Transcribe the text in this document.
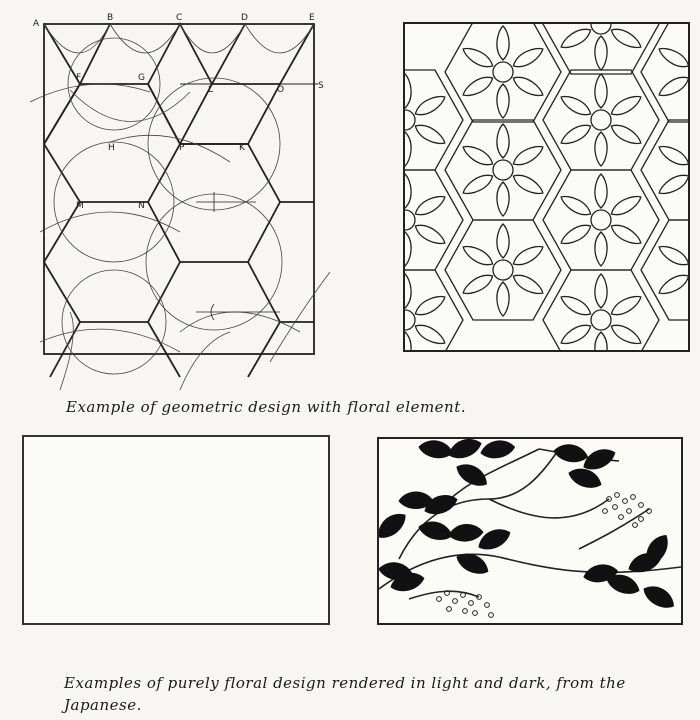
A
B	C	D	E
F	G
L	O	S
H	P	K
M	N

Example of geometric design with floral element.

Examples of purely floral design rendered in light and dark, from the Japanese.
